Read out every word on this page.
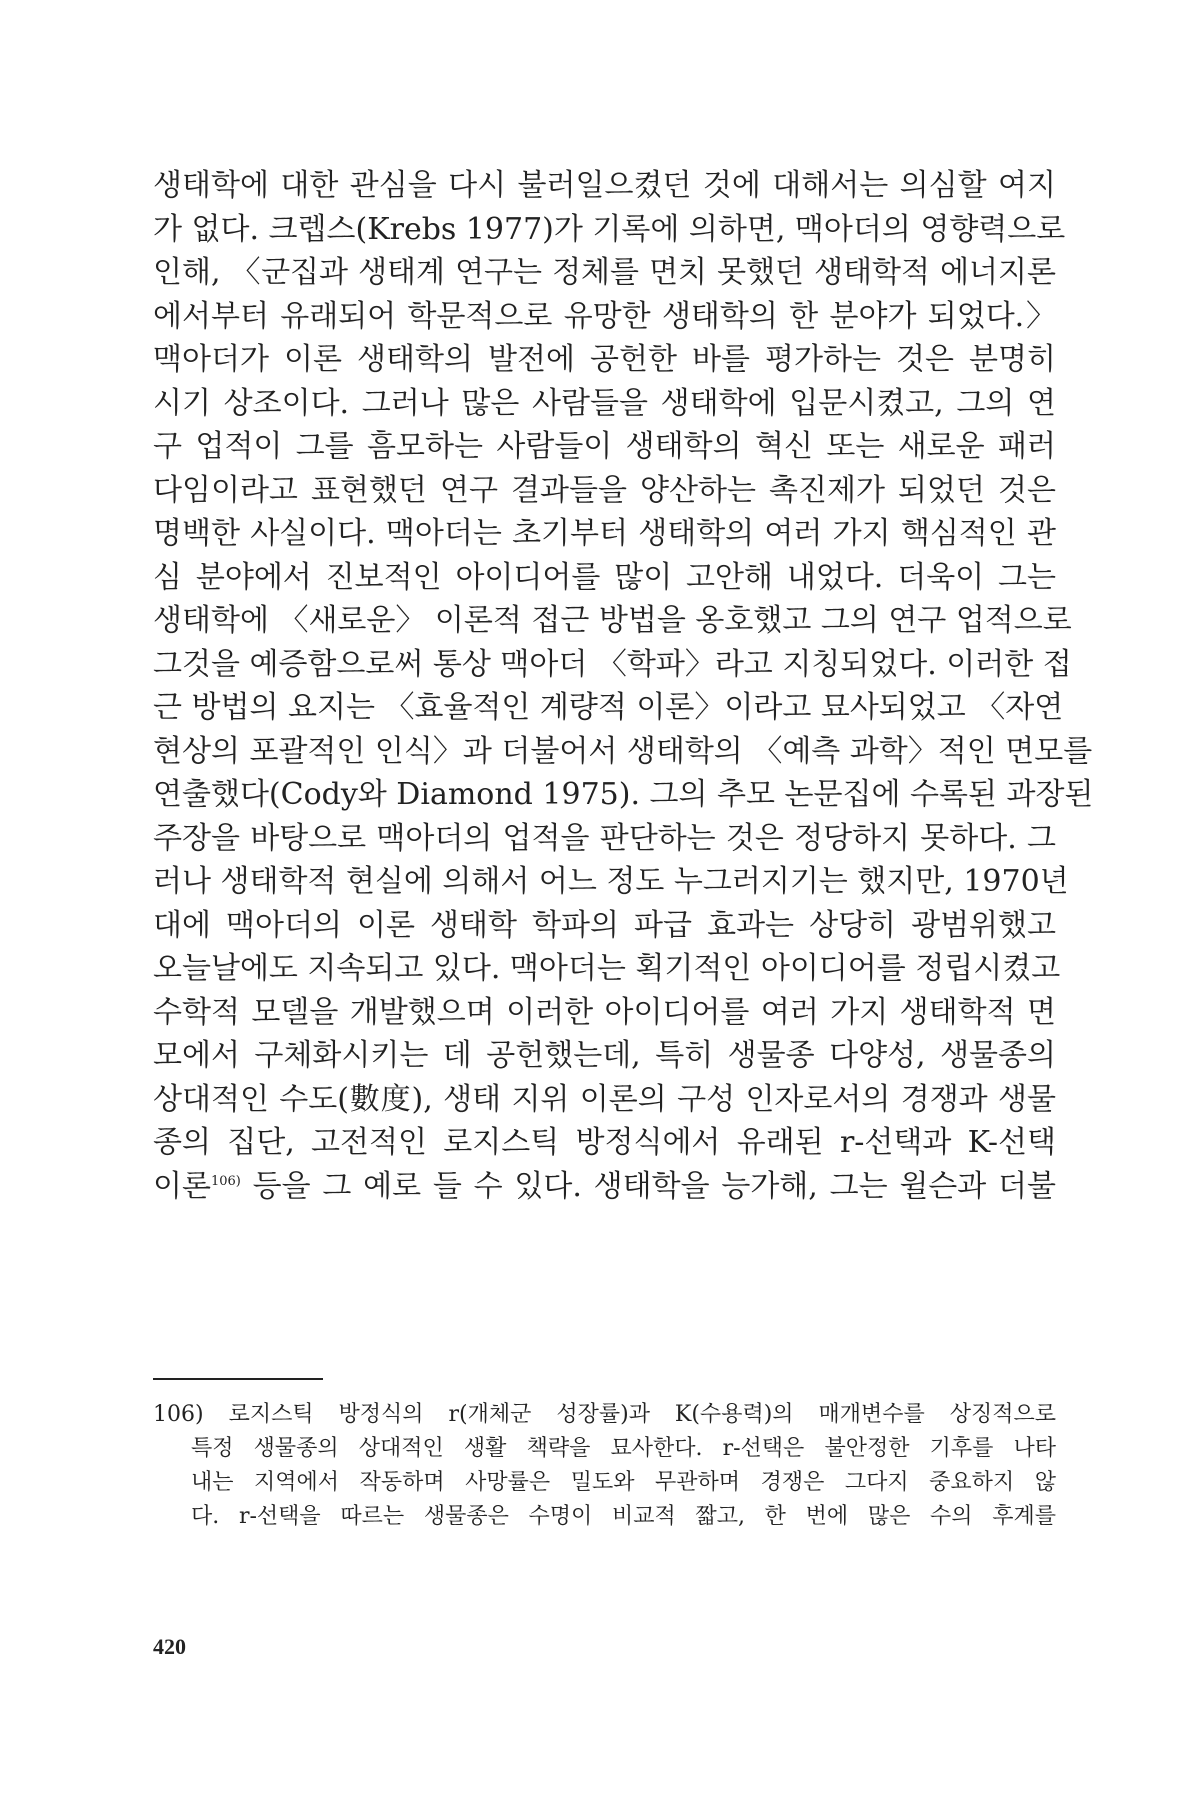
생태학에 대한 관심을 다시 불러일으켰던 것에 대해서는 의심할 여지
가 없다. 크렙스(Krebs 1977)가 기록에 의하면, 맥아더의 영향력으로
인해, 〈군집과 생태계 연구는 정체를 면치 못했던 생태학적 에너지론
에서부터 유래되어 학문적으로 유망한 생태학의 한 분야가 되었다.〉
맥아더가 이론 생태학의 발전에 공헌한 바를 평가하는 것은 분명히
시기 상조이다. 그러나 많은 사람들을 생태학에 입문시켰고, 그의 연
구 업적이 그를 흠모하는 사람들이 생태학의 혁신 또는 새로운 패러
다임이라고 표현했던 연구 결과들을 양산하는 촉진제가 되었던 것은
명백한 사실이다. 맥아더는 초기부터 생태학의 여러 가지 핵심적인 관
심 분야에서 진보적인 아이디어를 많이 고안해 내었다. 더욱이 그는
생태학에 〈새로운〉 이론적 접근 방법을 옹호했고 그의 연구 업적으로
그것을 예증함으로써 통상 맥아더 〈학파〉라고 지칭되었다. 이러한 접
근 방법의 요지는 〈효율적인 계량적 이론〉이라고 묘사되었고 〈자연
현상의 포괄적인 인식〉과 더불어서 생태학의 〈예측 과학〉적인 면모를
연출했다(Cody와 Diamond 1975). 그의 추모 논문집에 수록된 과장된
주장을 바탕으로 맥아더의 업적을 판단하는 것은 정당하지 못하다. 그
러나 생태학적 현실에 의해서 어느 정도 누그러지기는 했지만, 1970년
대에 맥아더의 이론 생태학 학파의 파급 효과는 상당히 광범위했고
오늘날에도 지속되고 있다. 맥아더는 획기적인 아이디어를 정립시켰고
수학적 모델을 개발했으며 이러한 아이디어를 여러 가지 생태학적 면
모에서 구체화시키는 데 공헌했는데, 특히 생물종 다양성, 생물종의
상대적인 수도(數度), 생태 지위 이론의 구성 인자로서의 경쟁과 생물
종의 집단, 고전적인 로지스틱 방정식에서 유래된 r-선택과 K-선택
이론$^{106)}$ 등을 그 예로 들 수 있다. 생태학을 능가해, 그는 윌슨과 더불
106) 로지스틱 방정식의 r(개체군 성장률)과 K(수용력)의 매개변수를 상징적으로
특정 생물종의 상대적인 생활 책략을 묘사한다. r-선택은 불안정한 기후를 나타
내는 지역에서 작동하며 사망률은 밀도와 무관하며 경쟁은 그다지 중요하지 않
다. r-선택을 따르는 생물종은 수명이 비교적 짧고, 한 번에 많은 수의 후계를
420
